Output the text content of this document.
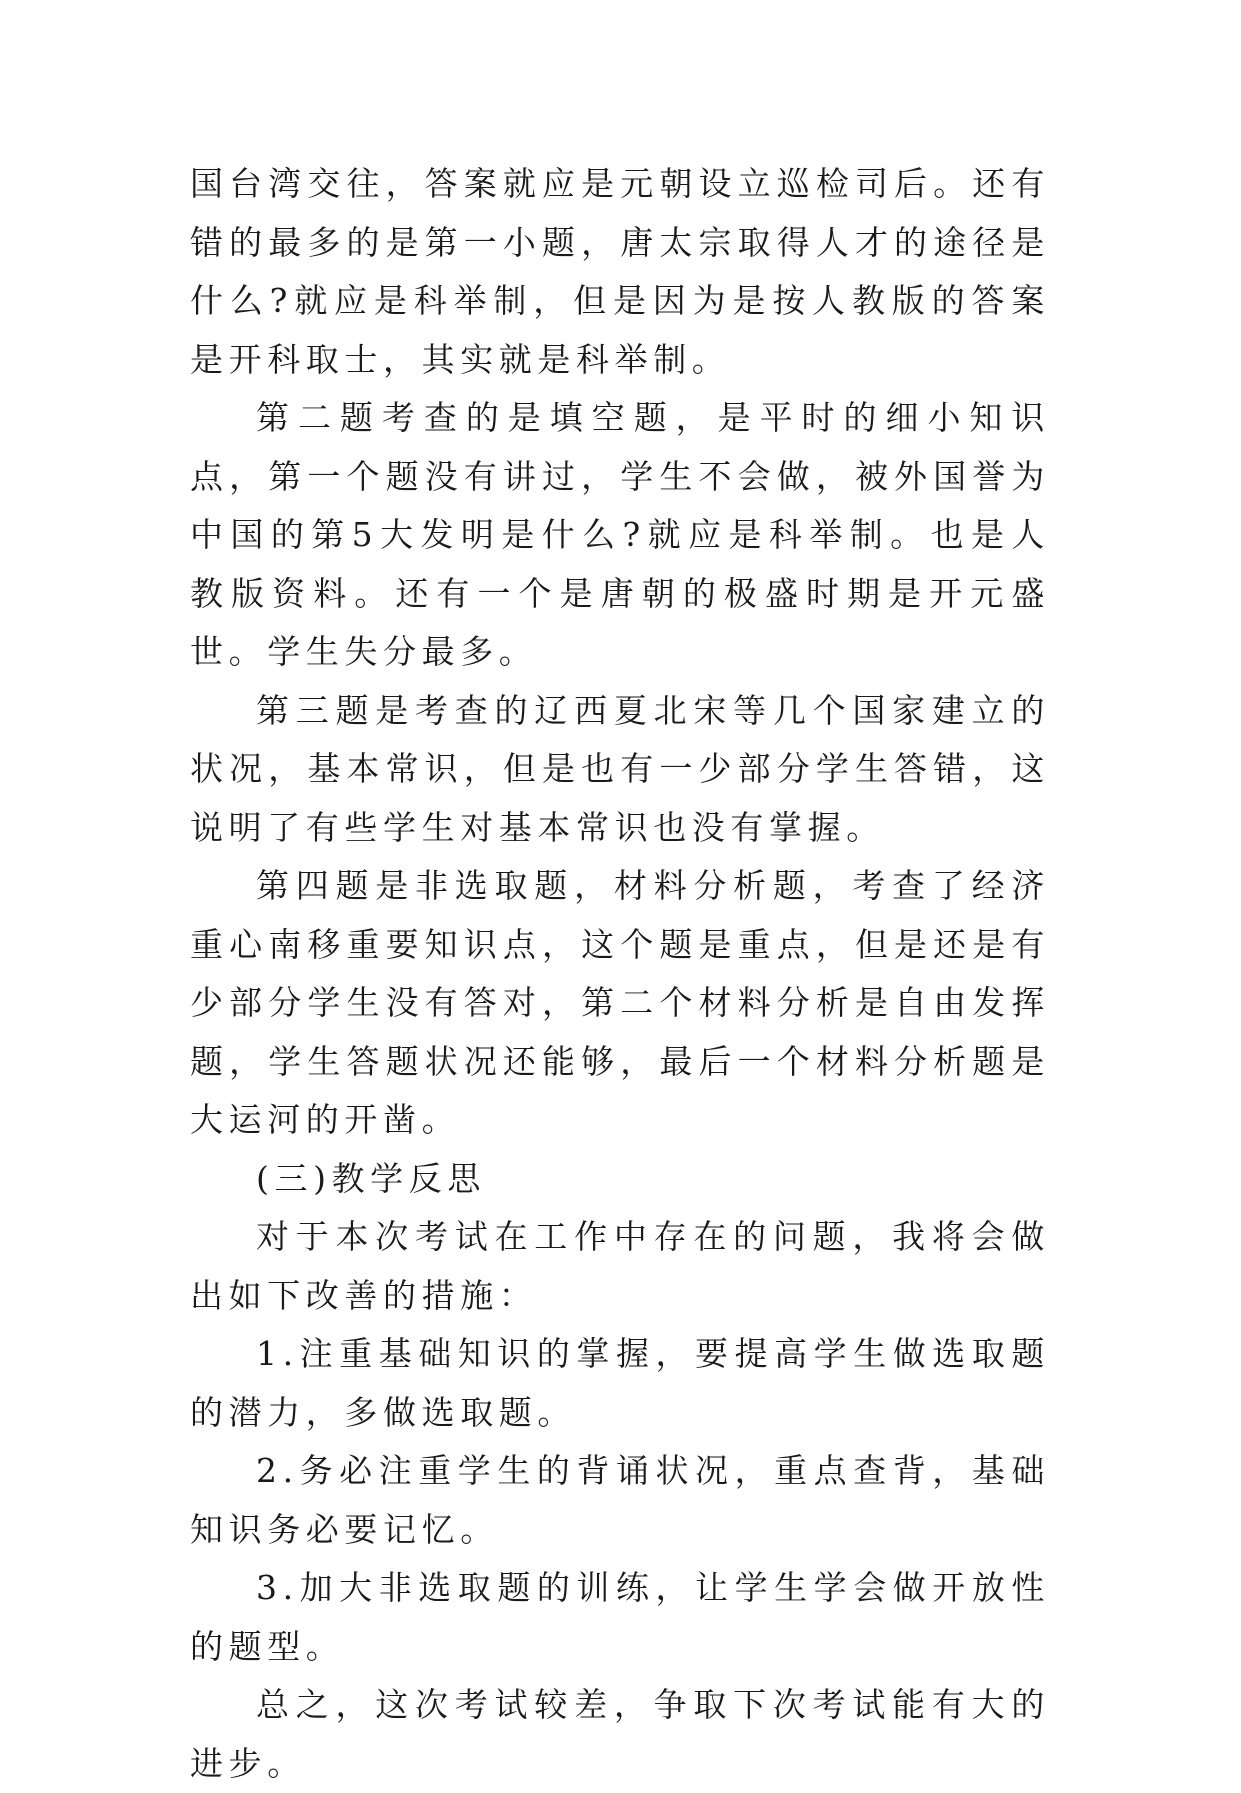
国台湾交往，答案就应是元朝设立巡检司后。还有错的最多的是第一小题，唐太宗取得人才的途径是什么?就应是科举制，但是因为是按人教版的答案是开科取士，其实就是科举制。

第二题考查的是填空题，是平时的细小知识点，第一个题没有讲过，学生不会做，被外国誉为中国的第5大发明是什么?就应是科举制。也是人教版资料。还有一个是唐朝的极盛时期是开元盛世。学生失分最多。

第三题是考查的辽西夏北宋等几个国家建立的状况，基本常识，但是也有一少部分学生答错，这说明了有些学生对基本常识也没有掌握。

第四题是非选取题，材料分析题，考查了经济重心南移重要知识点，这个题是重点，但是还是有少部分学生没有答对，第二个材料分析是自由发挥题，学生答题状况还能够，最后一个材料分析题是大运河的开凿。

(三)教学反思

对于本次考试在工作中存在的问题，我将会做出如下改善的措施：

1.注重基础知识的掌握，要提高学生做选取题的潜力，多做选取题。

2.务必注重学生的背诵状况，重点查背，基础知识务必要记忆。

3.加大非选取题的训练，让学生学会做开放性的题型。

总之，这次考试较差，争取下次考试能有大的进步。
